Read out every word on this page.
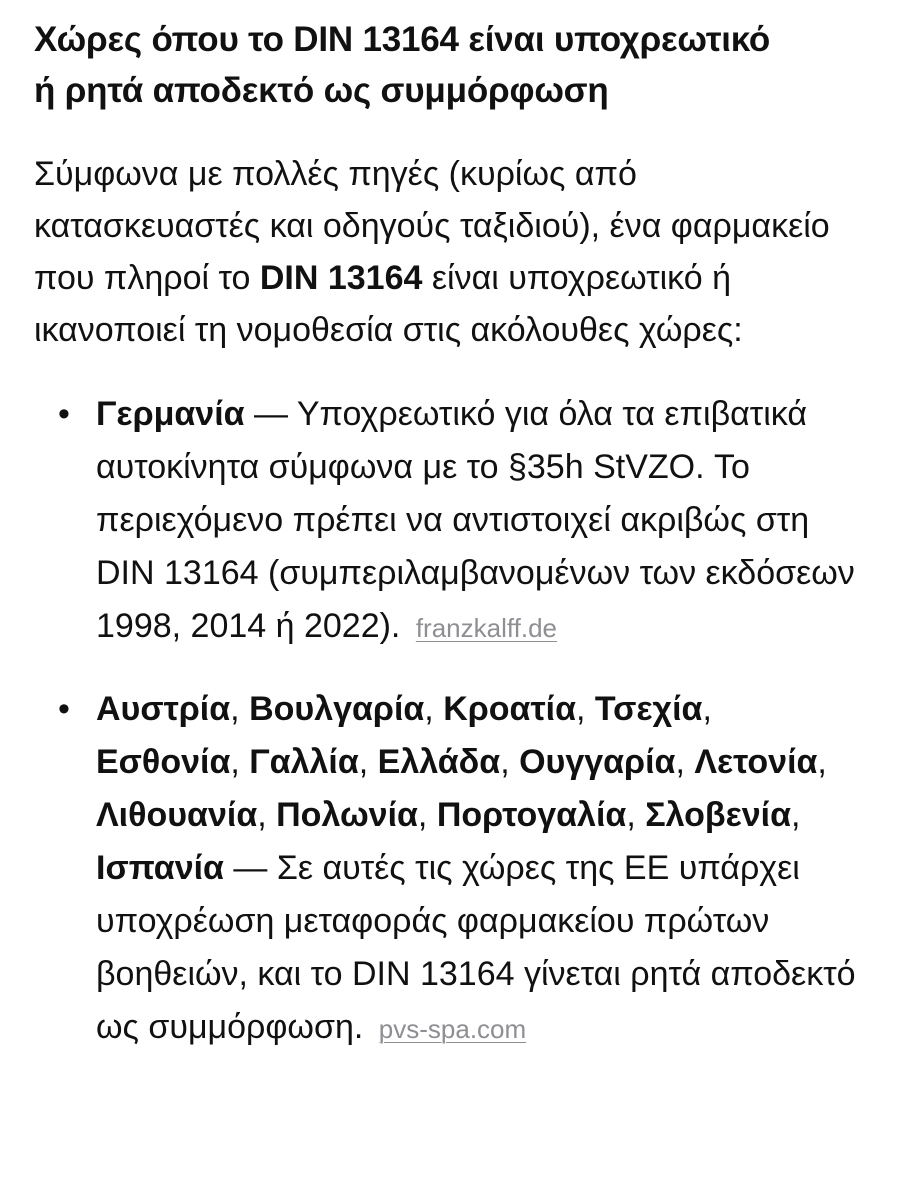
Χώρες όπου το DIN 13164 είναι υποχρεωτικό
ή ρητά αποδεκτό ως συμμόρφωση

Σύμφωνα με πολλές πηγές (κυρίως από κατασκευαστές και οδηγούς ταξιδιού), ένα φαρμακείο που πληροί το DIN 13164 είναι υποχρεωτικό ή ικανοποιεί τη νομοθεσία στις ακόλουθες χώρες:

• Γερμανία — Υποχρεωτικό για όλα τα επιβατικά αυτοκίνητα σύμφωνα με το §35h StVZO. Το περιεχόμενο πρέπει να αντιστοιχεί ακριβώς στη DIN 13164 (συμπεριλαμβανομένων των εκδόσεων 1998, 2014 ή 2022). franzkalff.de
• Αυστρία, Βουλγαρία, Κροατία, Τσεχία, Εσθονία, Γαλλία, Ελλάδα, Ουγγαρία, Λετονία, Λιθουανία, Πολωνία, Πορτογαλία, Σλοβενία, Ισπανία — Σε αυτές τις χώρες της ΕΕ υπάρχει υποχρέωση μεταφοράς φαρμακείου πρώτων βοηθειών, και το DIN 13164 γίνεται ρητά αποδεκτό ως συμμόρφωση. pvs-spa.com
